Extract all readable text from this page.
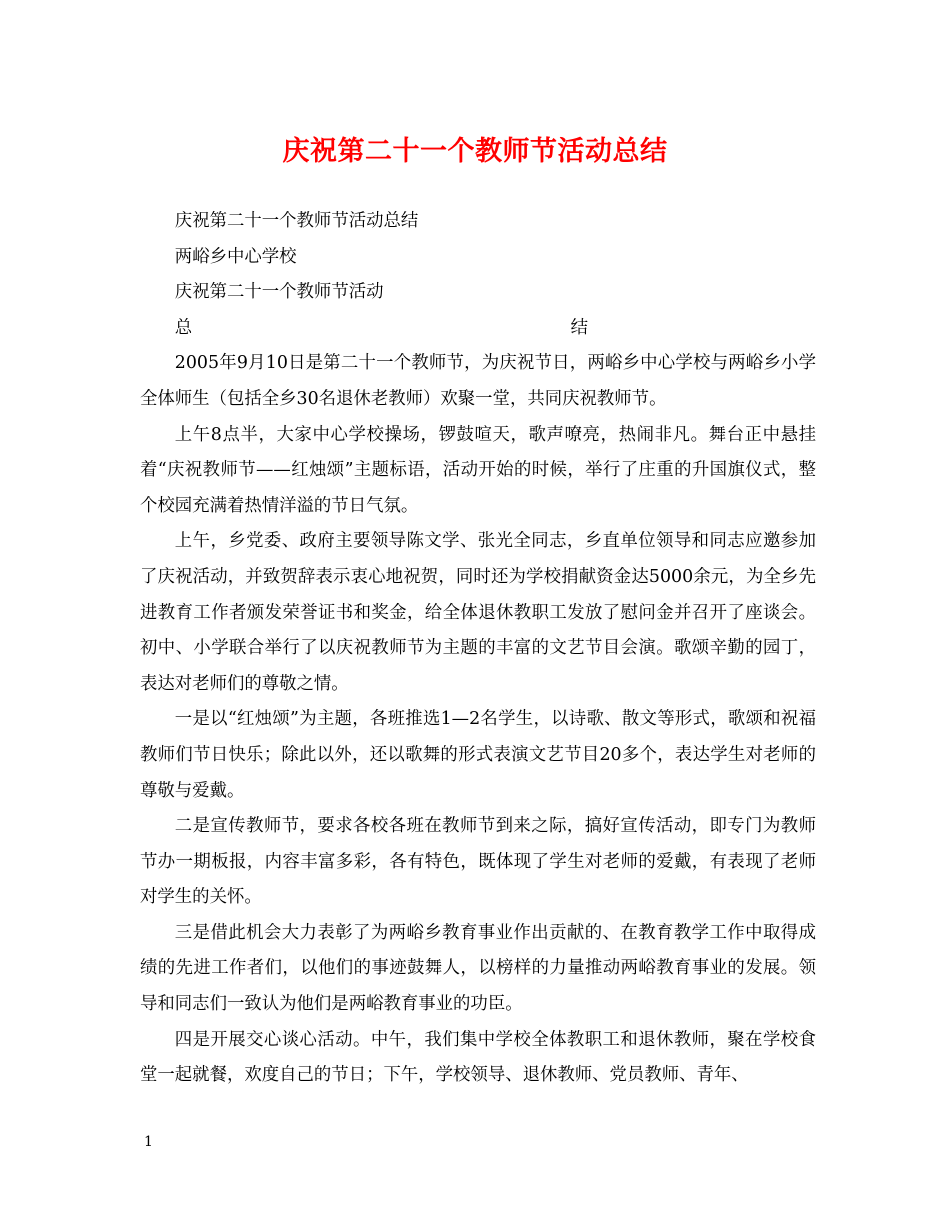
庆祝第二十一个教师节活动总结

庆祝第二十一个教师节活动总结

两峪乡中心学校

庆祝第二十一个教师节活动

总	结

2005年9月10日是第二十一个教师节，为庆祝节日，两峪乡中心学校与两峪乡小学全体师生（包括全乡30名退休老教师）欢聚一堂，共同庆祝教师节。

上午8点半，大家中心学校操场，锣鼓喧天，歌声嘹亮，热闹非凡。舞台正中悬挂着“庆祝教师节——红烛颂”主题标语，活动开始的时候，举行了庄重的升国旗仪式，整个校园充满着热情洋溢的节日气氛。

上午，乡党委、政府主要领导陈文学、张光全同志，乡直单位领导和同志应邀参加了庆祝活动，并致贺辞表示衷心地祝贺，同时还为学校捐献资金达5000余元，为全乡先进教育工作者颁发荣誉证书和奖金，给全体退休教职工发放了慰问金并召开了座谈会。初中、小学联合举行了以庆祝教师节为主题的丰富的文艺节目会演。歌颂辛勤的园丁，表达对老师们的尊敬之情。

一是以“红烛颂”为主题，各班推选1—2名学生，以诗歌、散文等形式，歌颂和祝福教师们节日快乐；除此以外，还以歌舞的形式表演文艺节目20多个，表达学生对老师的尊敬与爱戴。

二是宣传教师节，要求各校各班在教师节到来之际，搞好宣传活动，即专门为教师节办一期板报，内容丰富多彩，各有特色，既体现了学生对老师的爱戴，有表现了老师对学生的关怀。

三是借此机会大力表彰了为两峪乡教育事业作出贡献的、在教育教学工作中取得成绩的先进工作者们，以他们的事迹鼓舞人，以榜样的力量推动两峪教育事业的发展。领导和同志们一致认为他们是两峪教育事业的功臣。

四是开展交心谈心活动。中午，我们集中学校全体教职工和退休教师，聚在学校食堂一起就餐，欢度自己的节日；下午，学校领导、退休教师、党员教师、青年、

1
